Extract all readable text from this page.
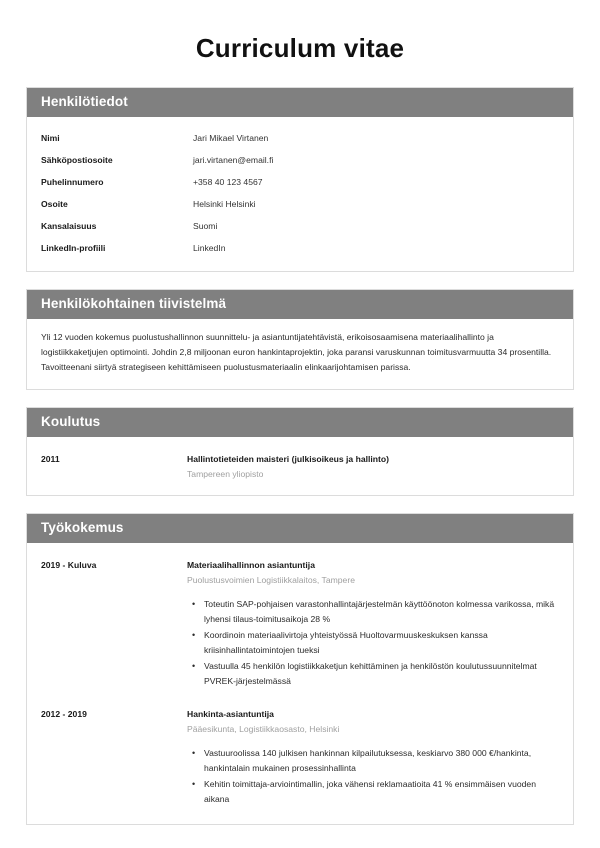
Curriculum vitae
Henkilötiedot
Nimi	Jari Mikael Virtanen
Sähköpostiosoite	jari.virtanen@email.fi
Puhelinnumero	+358 40 123 4567
Osoite	Helsinki Helsinki
Kansalaisuus	Suomi
LinkedIn-profiili	LinkedIn
Henkilökohtainen tiivistelmä

Yli 12 vuoden kokemus puolustushallinnon suunnittelu- ja asiantuntijatehtävistä, erikoisosaamisena materiaalihallinto ja logistiikkaketjujen optimointi. Johdin 2,8 miljoonan euron hankintaprojektin, joka paransi varuskunnan toimitusvarmuutta 34 prosentilla. Tavoitteenani siirtyä strategiseen kehittämiseen puolustusmateriaalin elinkaarijohtamisen parissa.

Koulutus
2011	Hallintotieteiden maisteri (julkisoikeus ja hallinto)
Tampereen yliopisto
Työkokemus
2019 - Kuluva	Materiaalihallinnon asiantuntija
Puolustusvoimien Logistiikkalaitos, Tampere
• Toteutin SAP-pohjaisen varastonhallintajärjestelmän käyttöönoton kolmessa varikossa, mikä lyhensi tilaus-toimitusaikoja 28 %
• Koordinoin materiaalivirtoja yhteistyössä Huoltovarmuuskeskuksen kanssa kriisinhallintatoimintojen tueksi
• Vastuulla 45 henkilön logistiikkaketjun kehittäminen ja henkilöstön koulutussuunnitelmat PVREK-järjestelmässä
2012 - 2019	Hankinta-asiantuntija
Pääesikunta, Logistiikkaosasto, Helsinki
• Vastuuroolissa 140 julkisen hankinnan kilpailutuksessa, keskiarvo 380 000 €/hankinta, hankintalain mukainen prosessinhallinta
• Kehitin toimittaja-arviointimallin, joka vähensi reklamaatioita 41 % ensimmäisen vuoden aikana
